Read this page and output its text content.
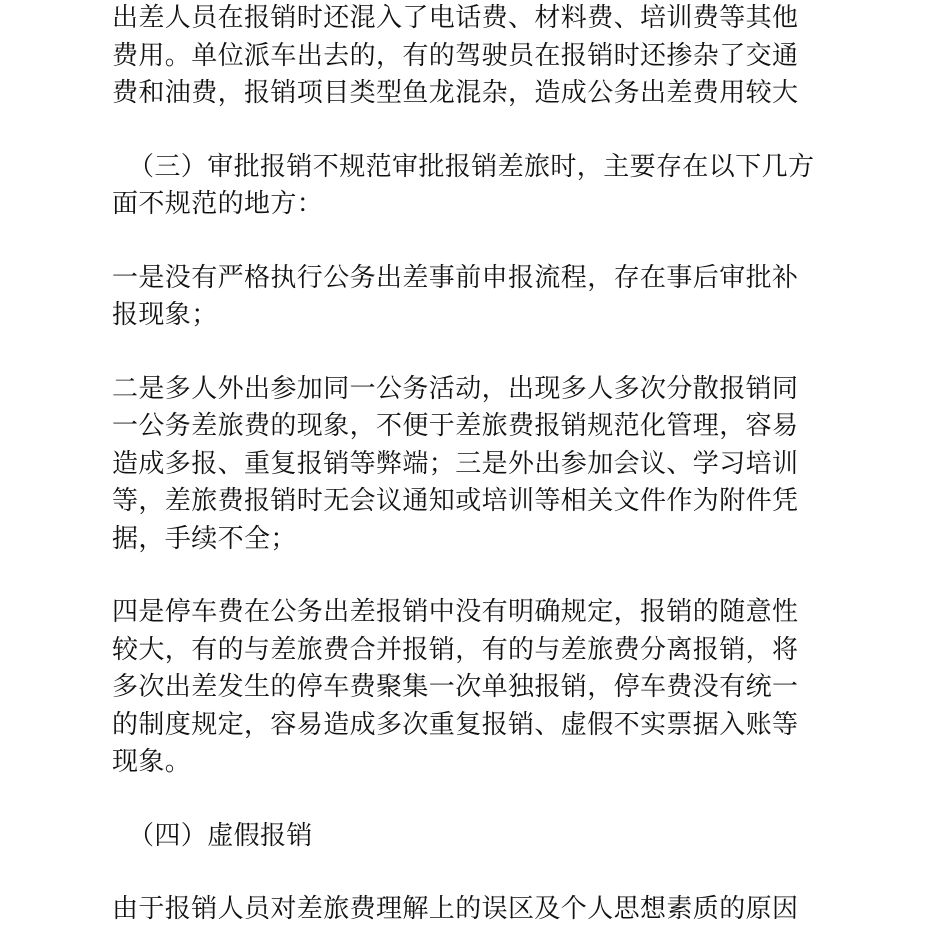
出差人员在报销时还混入了电话费、材料费、培训费等其他
费用。单位派车出去的，有的驾驶员在报销时还掺杂了交通
费和油费，报销项目类型鱼龙混杂，造成公务出差费用较大
（三）审批报销不规范审批报销差旅时，主要存在以下几方
面不规范的地方：
一是没有严格执行公务出差事前申报流程，存在事后审批补
报现象；
二是多人外出参加同一公务活动，出现多人多次分散报销同
一公务差旅费的现象，不便于差旅费报销规范化管理，容易
造成多报、重复报销等弊端；三是外出参加会议、学习培训
等，差旅费报销时无会议通知或培训等相关文件作为附件凭
据，手续不全；
四是停车费在公务出差报销中没有明确规定，报销的随意性
较大，有的与差旅费合并报销，有的与差旅费分离报销，将
多次出差发生的停车费聚集一次单独报销，停车费没有统一
的制度规定，容易造成多次重复报销、虚假不实票据入账等
现象。
（四）虚假报销
由于报销人员对差旅费理解上的误区及个人思想素质的原因
